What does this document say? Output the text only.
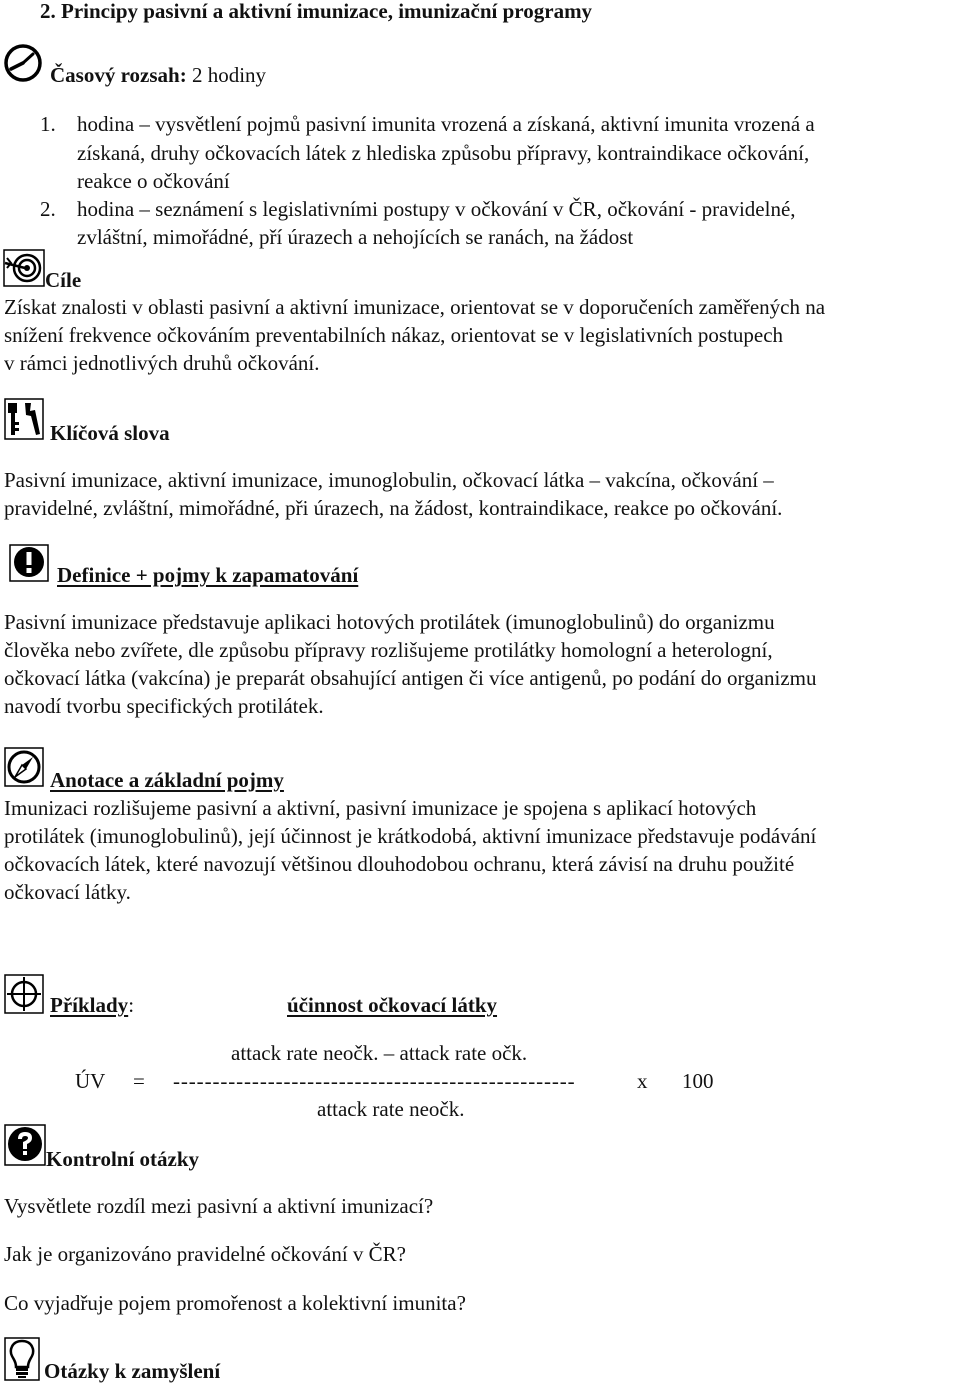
2. Principy pasivní a aktivní imunizace, imunizační programy
Časový rozsah: 2 hodiny
1. hodina – vysvětlení pojmů pasivní imunita vrozená a získaná, aktivní imunita vrozená a
získaná, druhy očkovacích látek z hlediska způsobu přípravy, kontraindikace očkování,
reakce o očkování
2. hodina – seznámení s legislativními postupy v očkování v ČR, očkování - pravidelné,
zvláštní, mimořádné, pří úrazech a nehojících se ranách, na žádost
Cíle
Získat znalosti v oblasti pasivní a aktivní imunizace, orientovat se v doporučeních zaměřených na
snížení frekvence očkováním preventabilních nákaz, orientovat se v legislativních postupech
v rámci jednotlivých druhů očkování.
Klíčová slova
Pasivní imunizace, aktivní imunizace, imunoglobulin, očkovací látka – vakcína, očkování –
pravidelné, zvláštní, mimořádné, při úrazech, na žádost, kontraindikace, reakce po očkování.
Definice + pojmy k zapamatování
Pasivní imunizace představuje aplikaci hotových protilátek (imunoglobulinů) do organizmu
člověka nebo zvířete, dle způsobu přípravy rozlišujeme protilátky homologní a heterologní,
očkovací látka (vakcína) je preparát obsahující antigen či více antigenů, po podání do organizmu
navodí tvorbu specifických protilátek.
Anotace a základní pojmy
Imunizaci rozlišujeme pasivní a aktivní, pasivní imunizace je spojena s aplikací hotových
protilátek (imunoglobulinů), její účinnost je krátkodobá, aktivní imunizace představuje podávání
očkovacích látek, které navozují většinou dlouhodobou ochranu, která závisí na druhu použité
očkovací látky.
Příklady:	účinnost očkovací látky
attack rate neočk. – attack rate očk.
ÚV = ---------------------------------------------------	x 100
attack rate neočk.
Kontrolní otázky
Vysvětlete rozdíl mezi pasivní a aktivní imunizací?
Jak je organizováno pravidelné očkování v ČR?
Co vyjadřuje pojem promořenost a kolektivní imunita?
Otázky k zamyšlení
